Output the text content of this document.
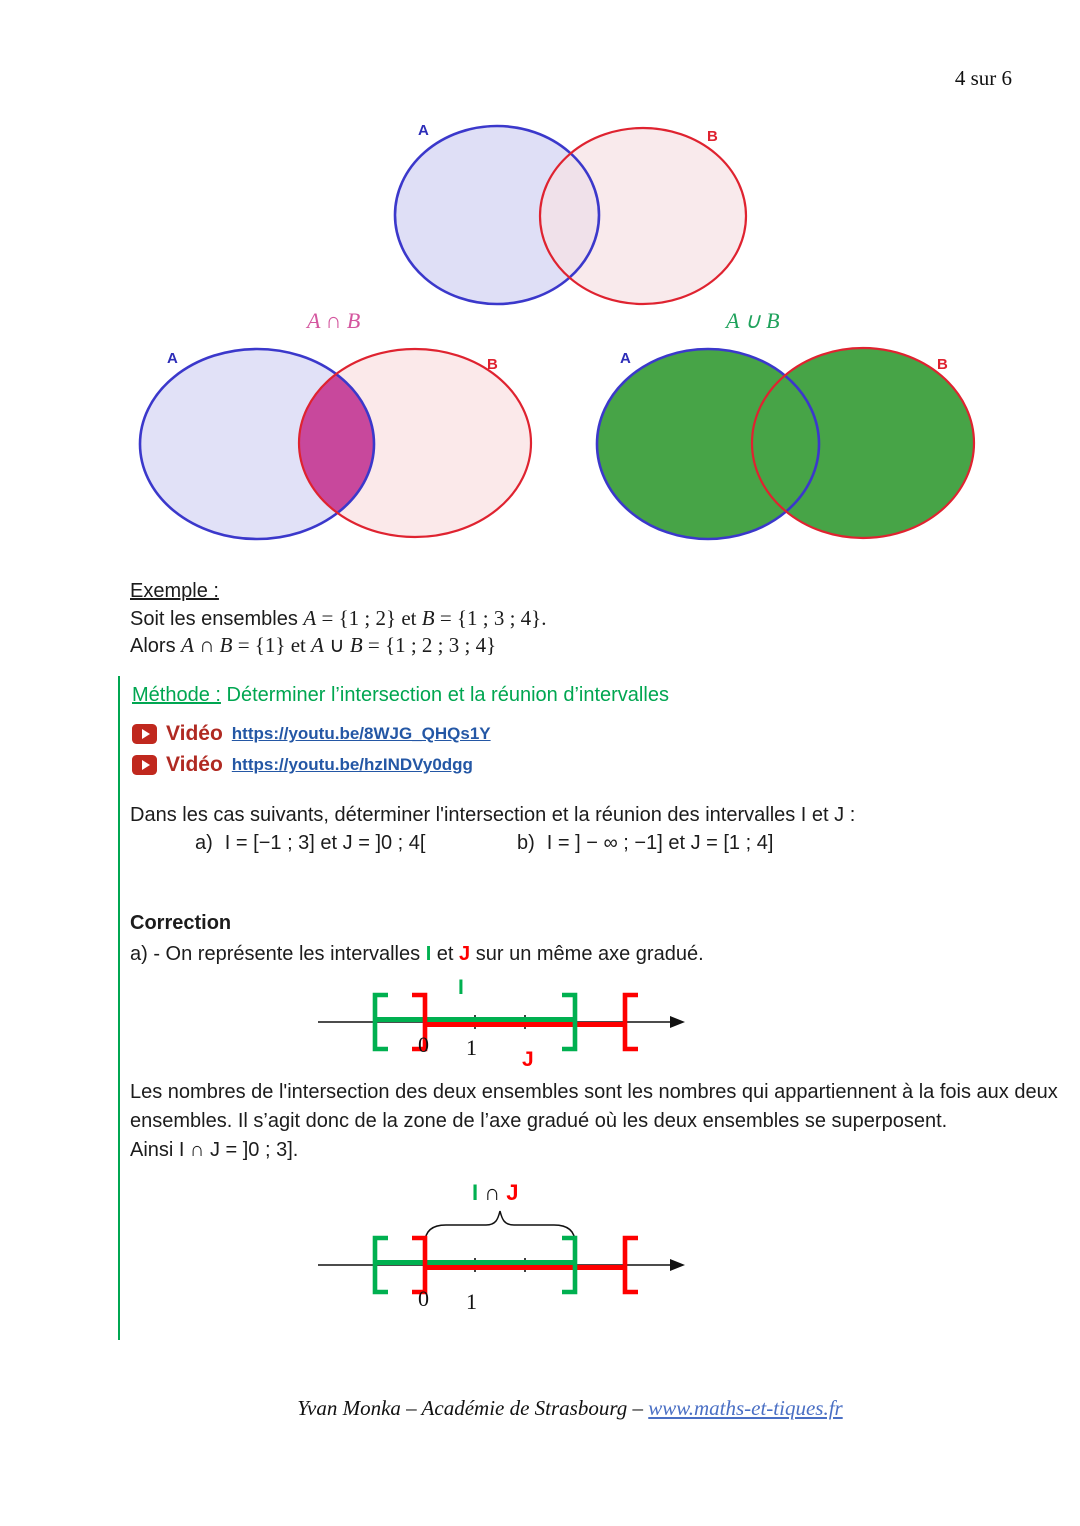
4 sur 6
A	B
A ∩ B	A ∪ B
A	B	A	B
Exemple :
Soit les ensembles A = {1 ; 2} et B = {1 ; 3 ; 4}.
Alors A ∩ B = {1} et A ∪ B = {1 ; 2 ; 3 ; 4}
Méthode : Déterminer l’intersection et la réunion d’intervalles
Vidéo https://youtu.be/8WJG_QHQs1Y
Vidéo https://youtu.be/hzINDVy0dgg
Dans les cas suivants, déterminer l'intersection et la réunion des intervalles I et J :
a) I = [−1 ; 3] et J = ]0 ; 4[	b) I = ] − ∞ ; −1] et J = [1 ; 4]
Correction
a) - On représente les intervalles I et J sur un même axe gradué.
I
J
0 1
Les nombres de l'intersection des deux ensembles sont les nombres qui appartiennent à la fois aux deux ensembles. Il s’agit donc de la zone de l’axe gradué où les deux ensembles se superposent.
Ainsi I ∩ J = ]0 ; 3].
I ∩ J
0 1
Yvan Monka – Académie de Strasbourg – www.maths-et-tiques.fr
